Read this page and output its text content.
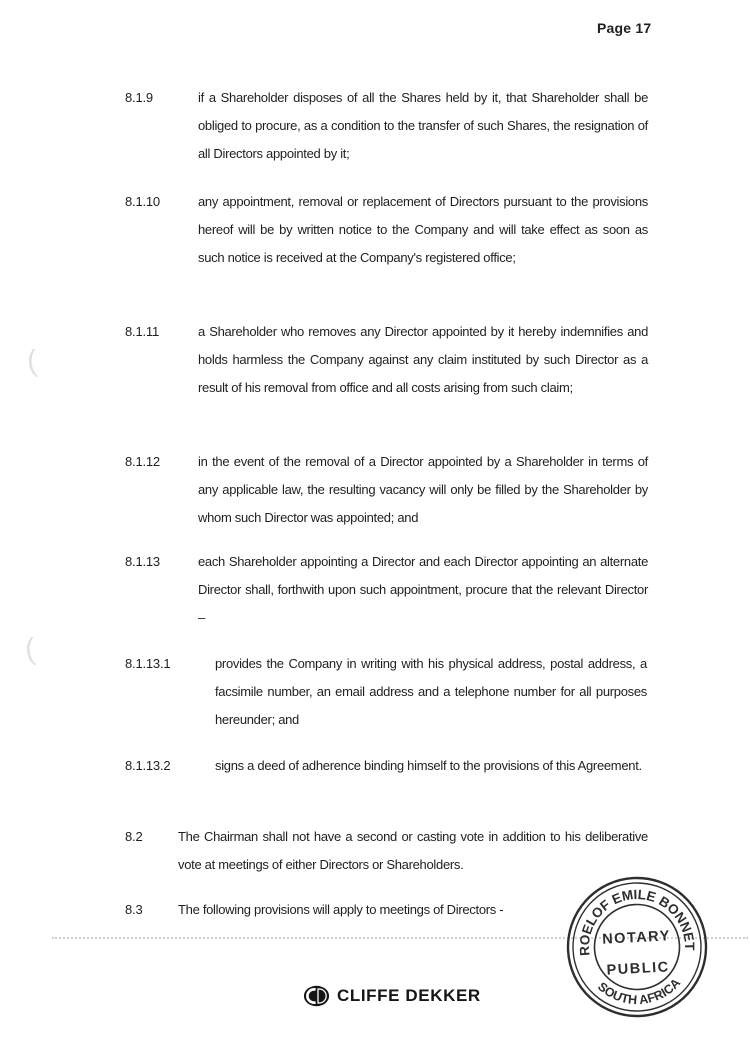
Page 17
8.1.9	if a Shareholder disposes of all the Shares held by it, that Shareholder shall be obliged to procure, as a condition to the transfer of such Shares, the resignation of all Directors appointed by it;

8.1.10	any appointment, removal or replacement of Directors pursuant to the provisions hereof will be by written notice to the Company and will take effect as soon as such notice is received at the Company's registered office;

8.1.11	a Shareholder who removes any Director appointed by it hereby indemnifies and holds harmless the Company against any claim instituted by such Director as a result of his removal from office and all costs arising from such claim;

8.1.12	in the event of the removal of a Director appointed by a Shareholder in terms of any applicable law, the resulting vacancy will only be filled by the Shareholder by whom such Director was appointed; and

8.1.13	each Shareholder appointing a Director and each Director appointing an alternate Director shall, forthwith upon such appointment, procure that the relevant Director –

8.1.13.1	provides the Company in writing with his physical address, postal address, a facsimile number, an email address and a telephone number for all purposes hereunder; and

8.1.13.2	signs a deed of adherence binding himself to the provisions of this Agreement.

8.2	The Chairman shall not have a second or casting vote in addition to his deliberative vote at meetings of either Directors or Shareholders.

8.3	The following provisions will apply to meetings of Directors -

(
(
ROELOF EMILE BONNET
SOUTH AFRICA
NOTARY
PUBLIC
CLIFFE DEKKER
